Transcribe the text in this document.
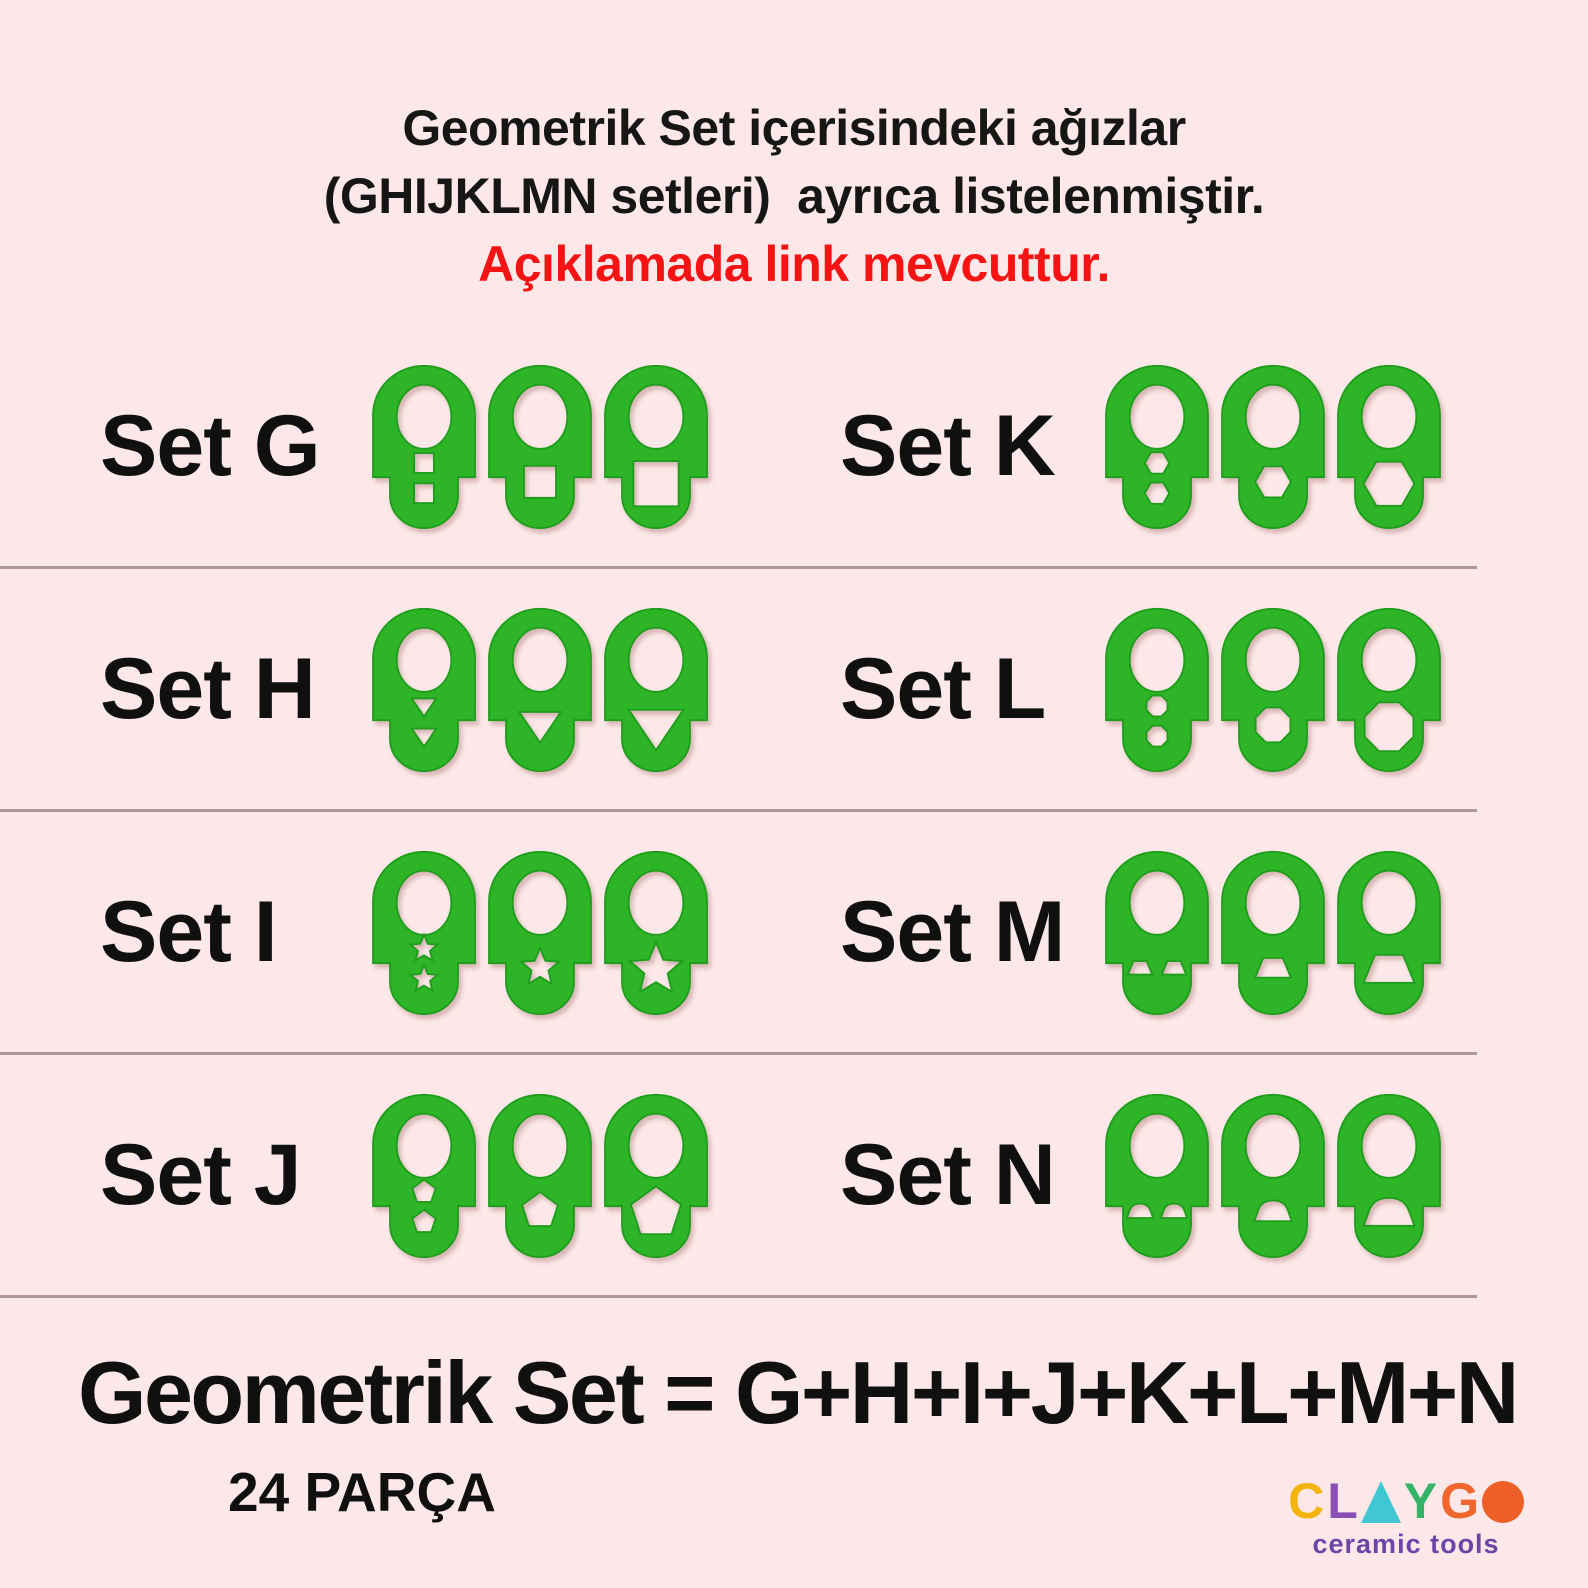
Geometrik Set içerisindeki ağızlar
(GHIJKLMN setleri)  ayrıca listelenmiştir.
Açıklamada link mevcuttur.
Set G	Set K
Set H	Set L
Set I	Set M
Set J	Set N
Geometrik Set = G+H+I+J+K+L+M+N
24 PARÇA	C L Y G
ceramic tools
